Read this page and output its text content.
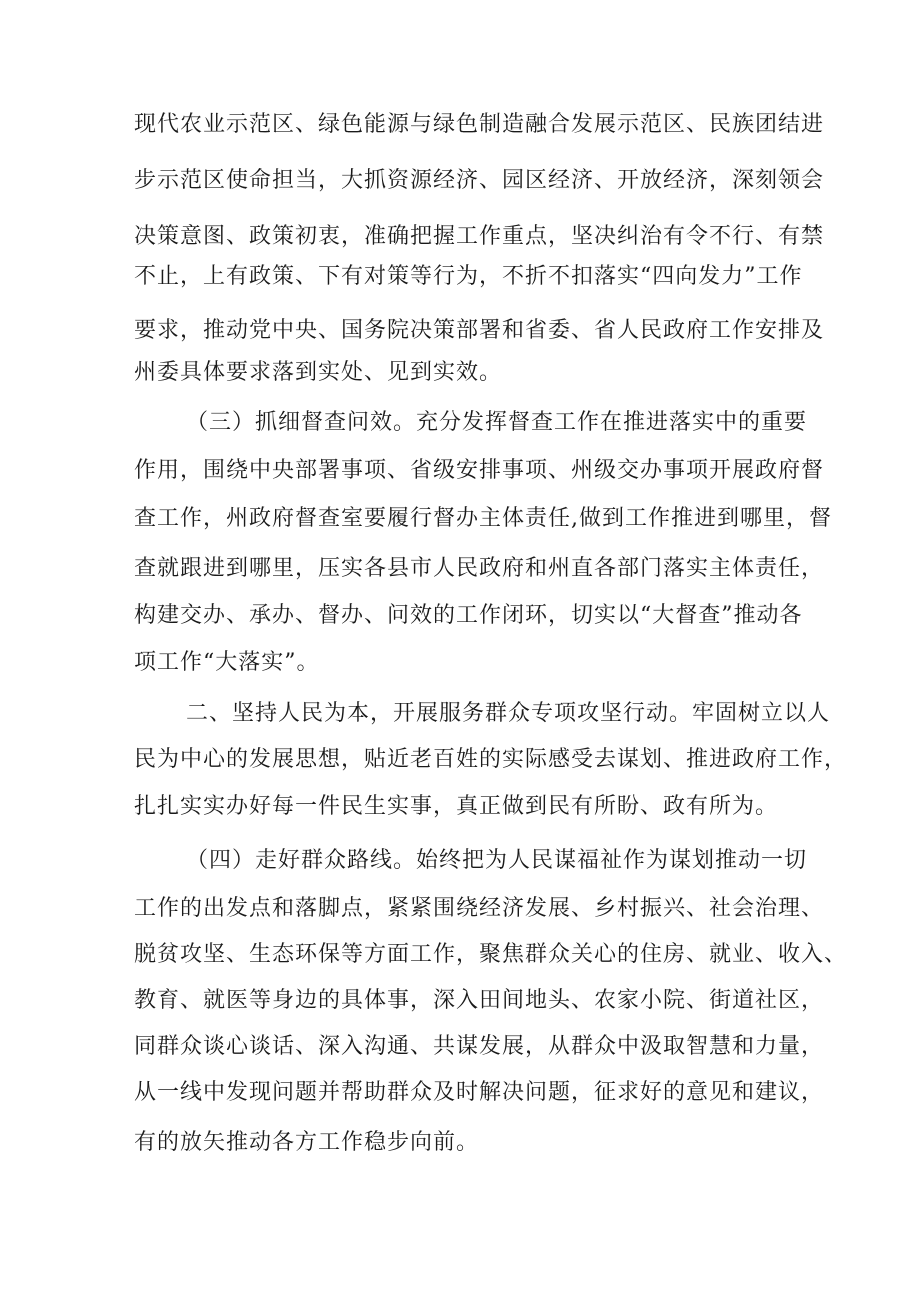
现代农业示范区、绿色能源与绿色制造融合发展示范区、民族团结进
步示范区使命担当，大抓资源经济、园区经济、开放经济，深刻领会
决策意图、政策初衷，准确把握工作重点，坚决纠治有令不行、有禁
不止，上有政策、下有对策等行为，不折不扣落实“四向发力”工作
要求，推动党中央、国务院决策部署和省委、省人民政府工作安排及
州委具体要求落到实处、见到实效。
（三）抓细督查问效。充分发挥督查工作在推进落实中的重要
作用，围绕中央部署事项、省级安排事项、州级交办事项开展政府督
查工作，州政府督查室要履行督办主体责任,做到工作推进到哪里，督
查就跟进到哪里，压实各县市人民政府和州直各部门落实主体责任，
构建交办、承办、督办、问效的工作闭环，切实以“大督查”推动各
项工作“大落实”。
二、坚持人民为本，开展服务群众专项攻坚行动。牢固树立以人
民为中心的发展思想，贴近老百姓的实际感受去谋划、推进政府工作，
扎扎实实办好每一件民生实事，真正做到民有所盼、政有所为。
（四）走好群众路线。始终把为人民谋福祉作为谋划推动一切
工作的出发点和落脚点，紧紧围绕经济发展、乡村振兴、社会治理、
脱贫攻坚、生态环保等方面工作，聚焦群众关心的住房、就业、收入、
教育、就医等身边的具体事，深入田间地头、农家小院、街道社区，
同群众谈心谈话、深入沟通、共谋发展，从群众中汲取智慧和力量，
从一线中发现问题并帮助群众及时解决问题，征求好的意见和建议，
有的放矢推动各方工作稳步向前。
